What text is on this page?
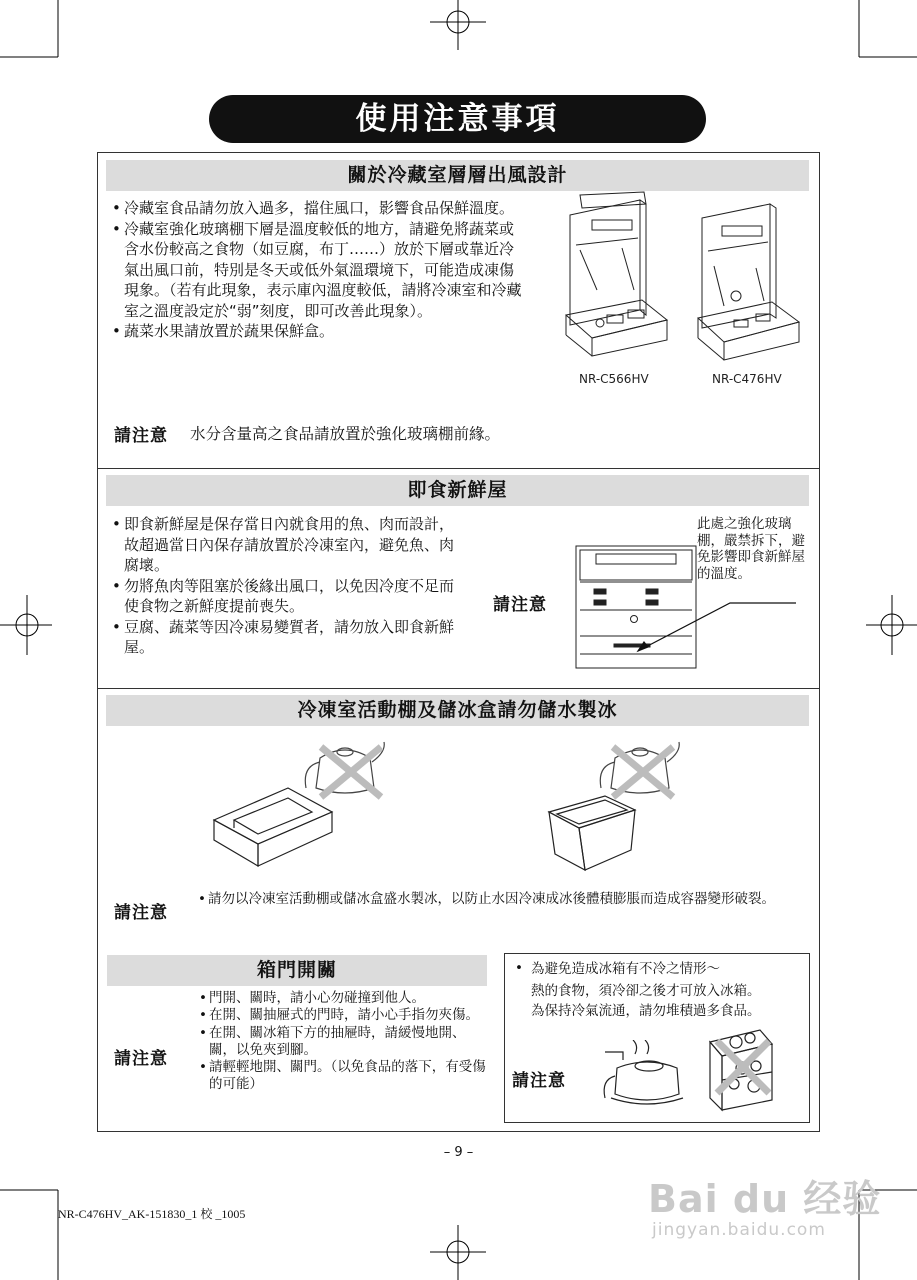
使用注意事項
關於冷藏室層層出風設計
• 冷藏室食品請勿放入過多，擋住風口，影響食品保鮮溫度。
• 冷藏室強化玻璃棚下層是溫度較低的地方，請避免將蔬菜或含水份較高之食物（如豆腐，布丁……）放於下層或靠近冷氣出風口前，特別是冬天或低外氣溫環境下，可能造成凍傷現象。（若有此現象，表示庫內溫度較低，請將冷凍室和冷藏室之溫度設定於“弱”刻度，即可改善此現象）。
• 蔬菜水果請放置於蔬果保鮮盒。
NR-C566HV	NR-C476HV
請注意 水分含量高之食品請放置於強化玻璃棚前緣。
即食新鮮屋
• 即食新鮮屋是保存當日內就食用的魚、肉而設計，故超過當日內保存請放置於冷凍室內，避免魚、肉腐壞。
• 勿將魚肉等阻塞於後緣出風口，以免因冷度不足而使食物之新鮮度提前喪失。
• 豆腐、蔬菜等因冷凍易變質者，請勿放入即食新鮮屋。
請注意
此處之強化玻璃棚，嚴禁拆下，避免影響即食新鮮屋的溫度。
冷凍室活動棚及儲冰盒請勿儲水製冰
請注意
• 請勿以冷凍室活動棚或儲冰盒盛水製冰，以防止水因冷凍成冰後體積膨脹而造成容器變形破裂。
箱門開關
請注意
• 門開、關時，請小心勿碰撞到他人。
• 在開、關抽屜式的門時，請小心手指勿夾傷。
• 在開、關冰箱下方的抽屜時，請緩慢地開、關，以免夾到腳。
• 請輕輕地開、關門。（以免食品的落下，有受傷的可能）
• 為避免造成冰箱有不冷之情形～
熱的食物，須冷卻之後才可放入冰箱。
為保持冷氣流通，請勿堆積過多食品。
請注意
– 9 –
NR-C476HV_AK-151830_1 校 _1005	Bai du 经验
jingyan.baidu.com
